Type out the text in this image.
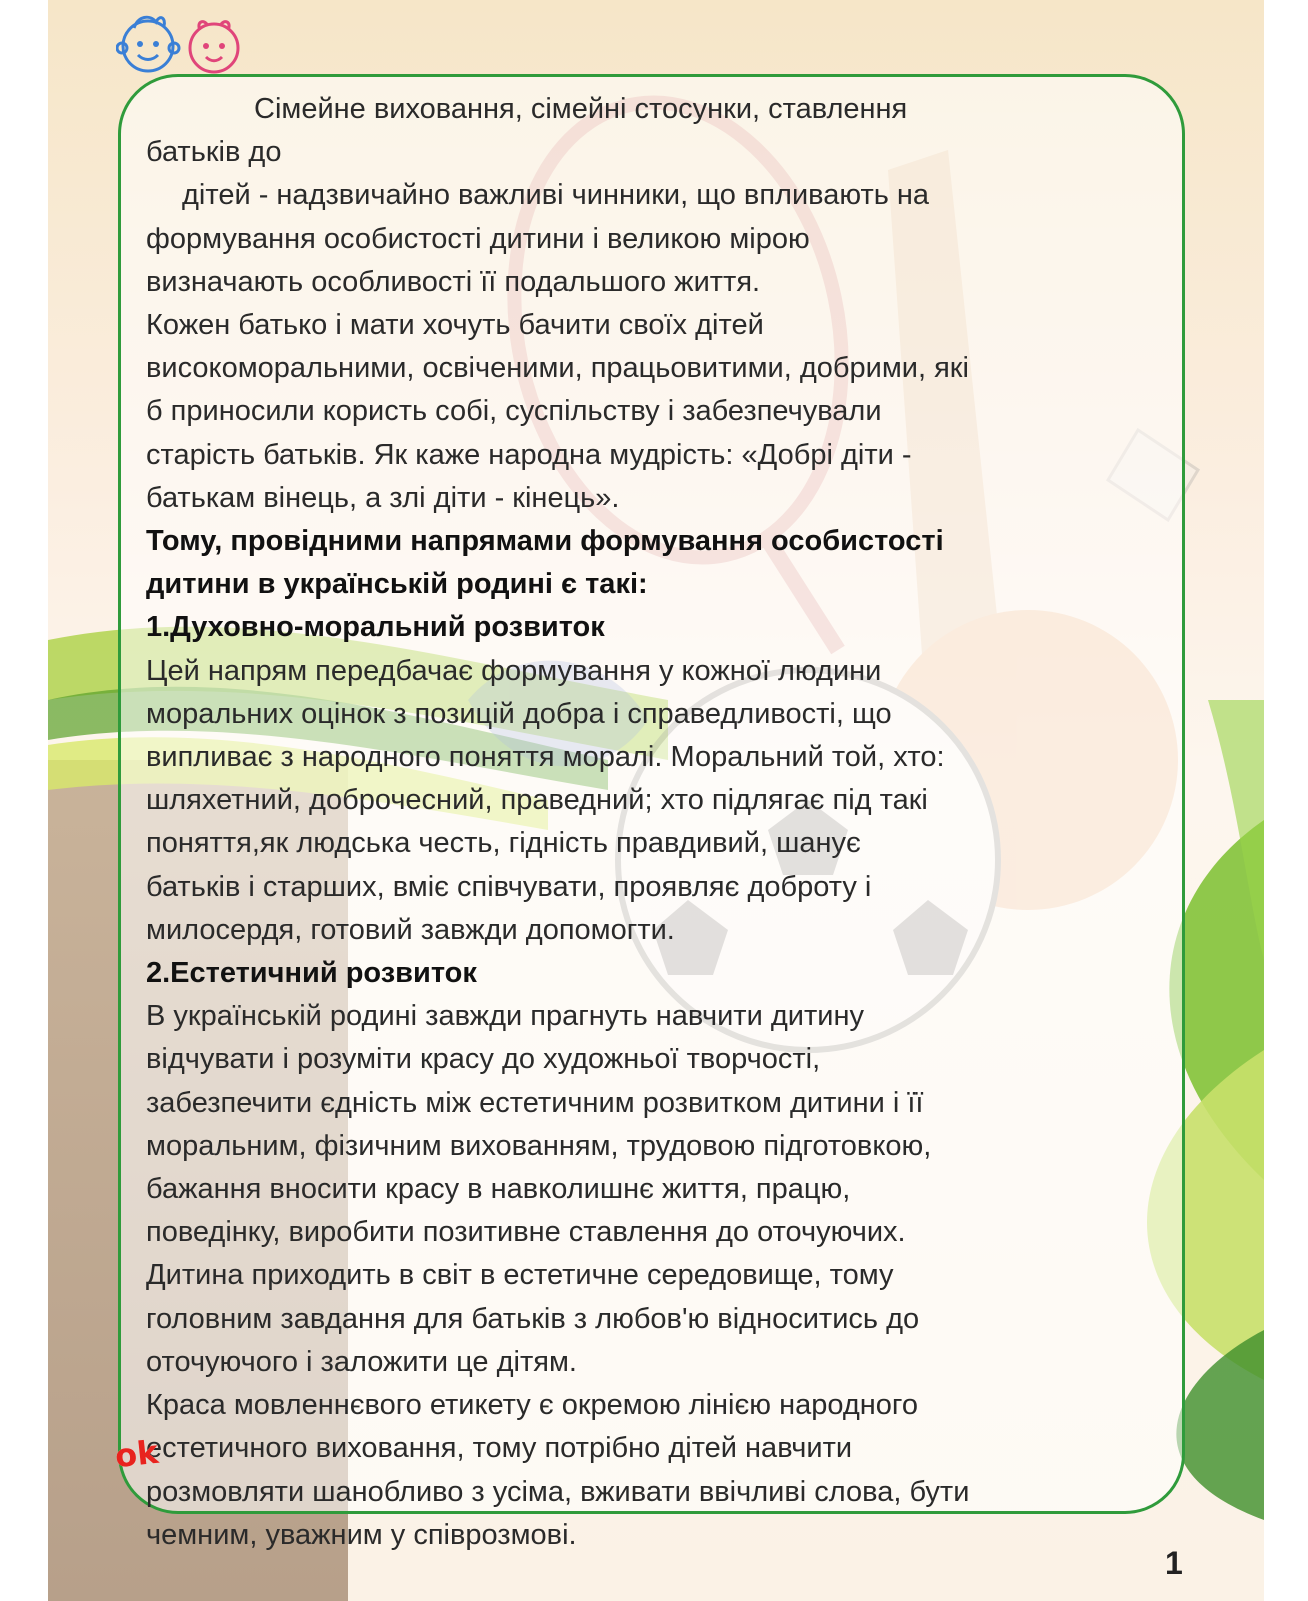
Сімейне виховання, сімейні стосунки, ставлення

батьків до

дітей - надзвичайно важливі чинники, що впливають на

формування особистості дитини і великою мірою

визначають особливості її подальшого життя.

Кожен батько і мати хочуть бачити своїх дітей

високоморальними, освіченими, працьовитими, добрими, які

б приносили користь собі, суспільству і забезпечували

старість батьків. Як каже народна мудрість: «Добрі діти -

батькам вінець, а злі діти - кінець».

Тому, провідними напрямами формування особистості

дитини в українській родині є такі:

1.Духовно-моральний розвиток

Цей напрям передбачає формування у кожної людини

моральних оцінок з позицій добра і справедливості, що

випливає з народного поняття моралі. Моральний той, хто:

шляхетний, доброчесний, праведний; хто підлягає під такі

поняття,як людська честь, гідність правдивий, шанує

батьків і старших, вміє співчувати, проявляє доброту і

милосердя, готовий завжди допомогти.

2.Естетичний розвиток

В українській родині завжди прагнуть навчити дитину

відчувати і розуміти красу до художньої творчості,

забезпечити єдність між естетичним розвитком дитини і її

моральним, фізичним вихованням, трудовою підготовкою,

бажання вносити красу в навколишнє життя, працю,

поведінку, виробити позитивне ставлення до оточуючих.

Дитина приходить в світ в естетичне середовище, тому

головним завдання для батьків з любов'ю відноситись до

оточуючого і заложити це дітям.

Краса мовленнєвого етикету є окремою лінією народного

естетичного виховання, тому потрібно дітей навчити

розмовляти шанобливо з усіма, вживати ввічливі слова, бути

чемним, уважним у співрозмові.

ok
1
